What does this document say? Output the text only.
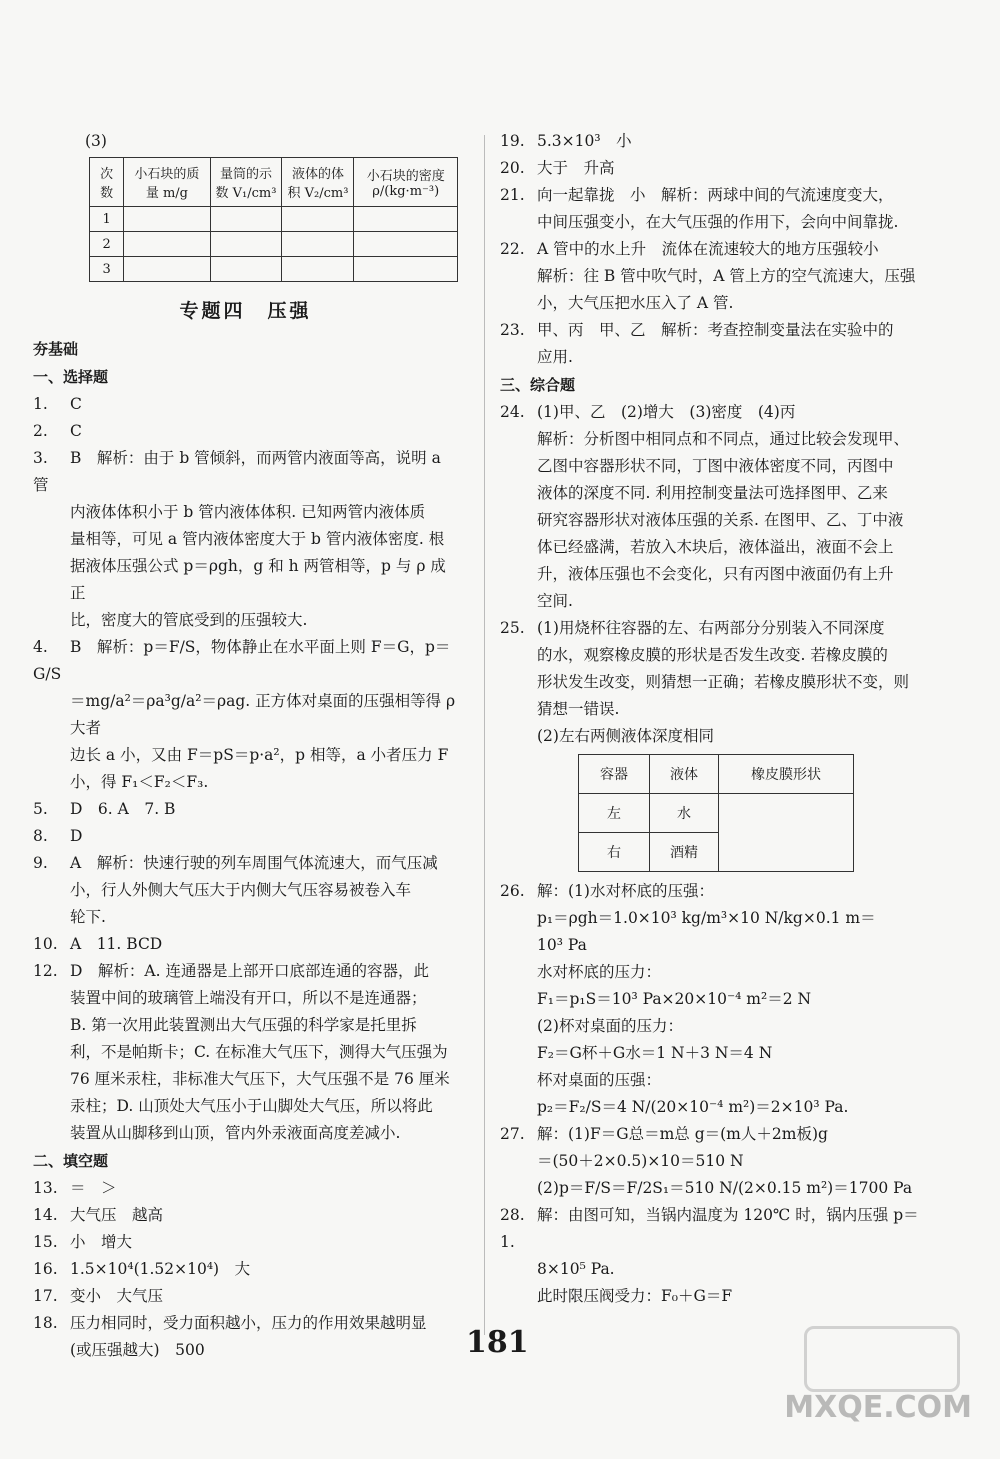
(3)
次数	小石块的质量 m/g	量筒的示数 V₁/cm³	液体的体积 V₂/cm³	小石块的密度 ρ/(kg·m⁻³)
1				
2				
3				
专题四　压强
夯基础
一、选择题
1. C
2. C
3. B　解析：由于 b 管倾斜，而两管内液面等高，说明 a 管
内液体体积小于 b 管内液体体积. 已知两管内液体质
量相等，可见 a 管内液体密度大于 b 管内液体密度. 根
据液体压强公式 p＝ρgh，g 和 h 两管相等，p 与 ρ 成正
比，密度大的管底受到的压强较大.
4. B　解析：p＝F/S，物体静止在水平面上则 F＝G，p＝G/S
＝mg/a²＝ρa³g/a²＝ρag. 正方体对桌面的压强相等得 ρ 大者
边长 a 小，又由 F＝pS＝p·a²，p 相等，a 小者压力 F
小，得 F₁＜F₂＜F₃.
5. D　6. A　7. B
8. D
9. A　解析：快速行驶的列车周围气体流速大，而气压减
小，行人外侧大气压大于内侧大气压容易被卷入车
轮下.
10. A　11. BCD
12. D　解析：A. 连通器是上部开口底部连通的容器，此
装置中间的玻璃管上端没有开口，所以不是连通器；
B. 第一次用此装置测出大气压强的科学家是托里拆
利，不是帕斯卡；C. 在标准大气压下，测得大气压强为
76 厘米汞柱，非标准大气压下，大气压强不是 76 厘米
汞柱；D. 山顶处大气压小于山脚处大气压，所以将此
装置从山脚移到山顶，管内外汞液面高度差减小.
二、填空题
13. ＝　＞
14. 大气压　越高
15. 小　增大
16. 1.5×10⁴(1.52×10⁴)　大
17. 变小　大气压
18. 压力相同时，受力面积越小，压力的作用效果越明显
(或压强越大)　500
19. 5.3×10³　小
20. 大于　升高
21. 向一起靠拢　小　解析：两球中间的气流速度变大，
中间压强变小，在大气压强的作用下，会向中间靠拢.
22. A 管中的水上升　流体在流速较大的地方压强较小
解析：往 B 管中吹气时，A 管上方的空气流速大，压强
小，大气压把水压入了 A 管.
23. 甲、丙　甲、乙　解析：考查控制变量法在实验中的
应用.
三、综合题
24. (1)甲、乙　(2)增大　(3)密度　(4)丙
解析：分析图中相同点和不同点，通过比较会发现甲、
乙图中容器形状不同，丁图中液体密度不同，丙图中
液体的深度不同. 利用控制变量法可选择图甲、乙来
研究容器形状对液体压强的关系. 在图甲、乙、丁中液
体已经盛满，若放入木块后，液体溢出，液面不会上
升，液体压强也不会变化，只有丙图中液面仍有上升
空间.
25. (1)用烧杯往容器的左、右两部分分别装入不同深度
的水，观察橡皮膜的形状是否发生改变. 若橡皮膜的
形状发生改变，则猜想一正确；若橡皮膜形状不变，则
猜想一错误.
(2)左右两侧液体深度相同
容器	液体	橡皮膜形状
左	水	
右	酒精	
26. 解：(1)水对杯底的压强：
p₁＝ρgh＝1.0×10³ kg/m³×10 N/kg×0.1 m＝
10³ Pa
水对杯底的压力：
F₁＝p₁S＝10³ Pa×20×10⁻⁴ m²＝2 N
(2)杯对桌面的压力：
F₂＝G杯＋G水＝1 N＋3 N＝4 N
杯对桌面的压强：
p₂＝F₂/S＝4 N/(20×10⁻⁴ m²)＝2×10³ Pa.
27. 解：(1)F＝G总＝m总 g＝(m人＋2m板)g
＝(50＋2×0.5)×10＝510 N
(2)p＝F/S＝F/2S₁＝510 N/(2×0.15 m²)＝1700 Pa
28. 解：由图可知，当锅内温度为 120℃ 时，锅内压强 p＝1.
8×10⁵ Pa.
此时限压阀受力：F₀＋G＝F
181
MXQE.COM
